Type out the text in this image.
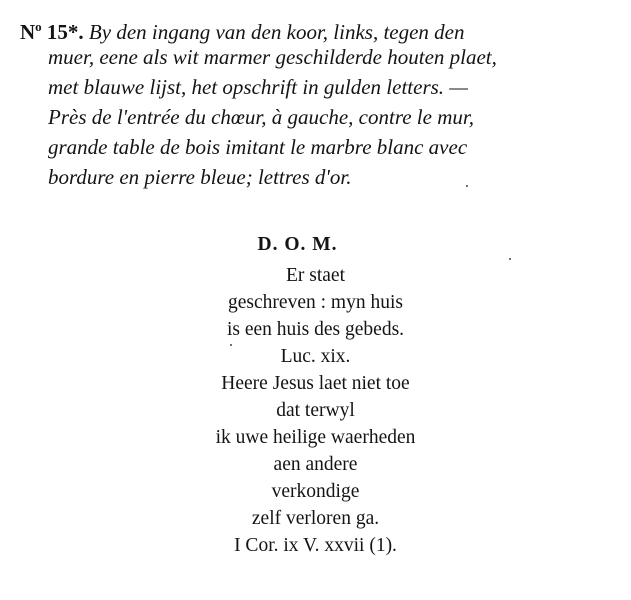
$N^o$ 15*. By den ingang van den koor, links, tegen den
muer, eene als wit marmer geschilderde houten plaet,
met blauwe lijst, het opschrift in gulden letters. —
Près de l'entrée du chœur, à gauche, contre le mur,
grande table de bois imitant le marbre blanc avec
bordure en pierre bleue; lettres d'or.
D. O. M.
Er staet
geschreven : myn huis
is een huis des gebeds.
Luc. xix.
Heere Jesus laet niet toe
dat terwyl
ik uwe heilige waerheden
aen andere
verkondige
zelf verloren ga.
I Cor. ix V. xxvii (1).
